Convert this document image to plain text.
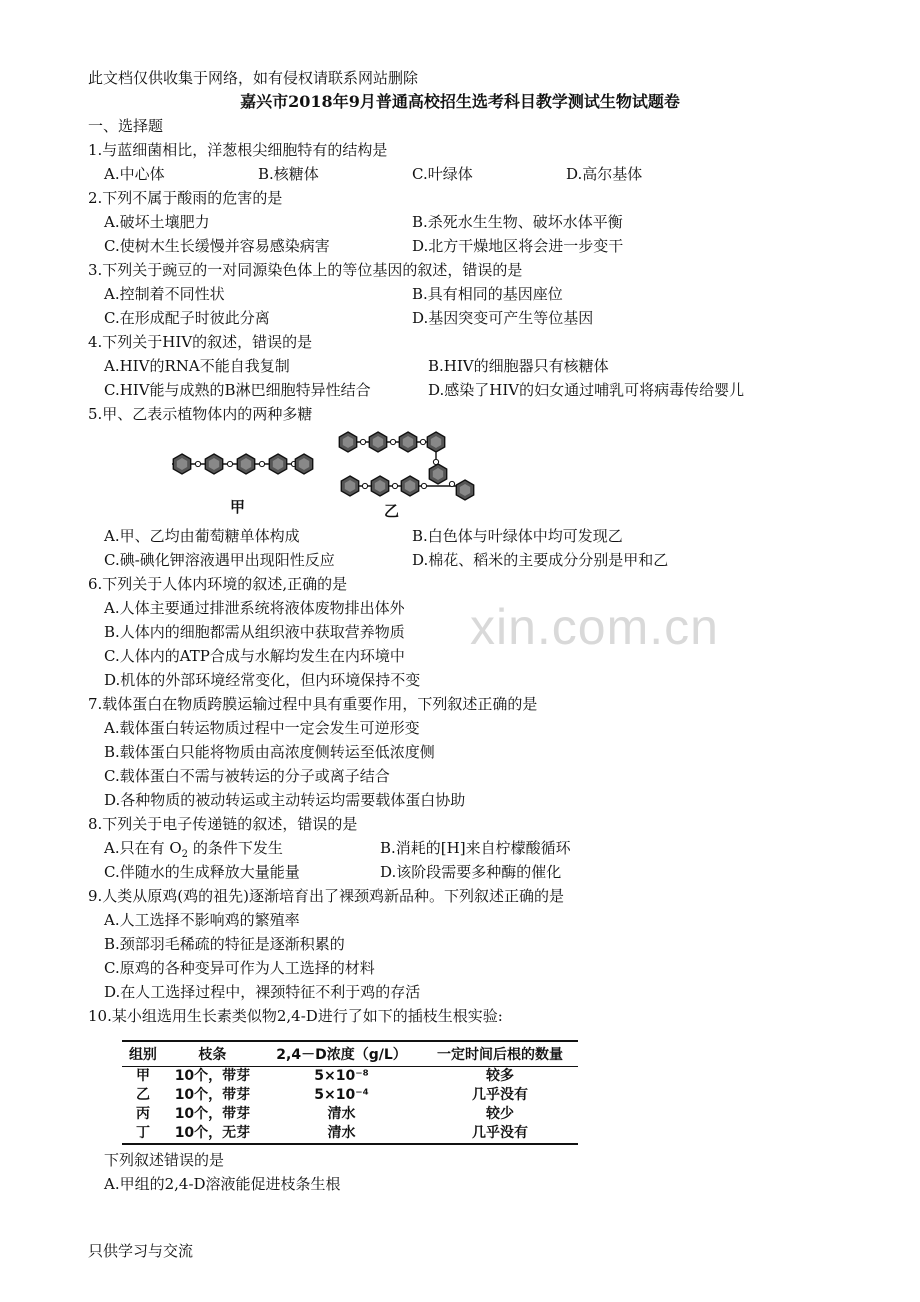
此文档仅供收集于网络，如有侵权请联系网站删除
嘉兴市2018年9月普通高校招生选考科目教学测试生物试题卷
一、选择题
1.与蓝细菌相比，洋葱根尖细胞特有的结构是
A.中心体	B.核糖体	C.叶绿体	D.高尔基体
2.下列不属于酸雨的危害的是
A.破坏土壤肥力	B.杀死水生生物、破坏水体平衡
C.使树木生长缓慢并容易感染病害	D.北方干燥地区将会进一步变干
3.下列关于豌豆的一对同源染色体上的等位基因的叙述，错误的是
A.控制着不同性状	B.具有相同的基因座位
C.在形成配子时彼此分离	D.基因突变可产生等位基因
4.下列关于HIV的叙述，错误的是
A.HIV的RNA不能自我复制	B.HIV的细胞器只有核糖体
C.HIV能与成熟的B淋巴细胞特异性结合	D.感染了HIV的妇女通过哺乳可将病毒传给婴儿
5.甲、乙表示植物体内的两种多糖
甲	乙
A.甲、乙均由葡萄糖单体构成	B.白色体与叶绿体中均可发现乙
C.碘-碘化钾溶液遇甲出现阳性反应	D.棉花、稻米的主要成分分别是甲和乙
xin.com.cn
6.下列关于人体内环境的叙述,正确的是
A.人体主要通过排泄系统将液体废物排出体外
B.人体内的细胞都需从组织液中获取营养物质
C.人体内的ATP合成与水解均发生在内环境中
D.机体的外部环境经常变化，但内环境保持不变
7.载体蛋白在物质跨膜运输过程中具有重要作用，下列叙述正确的是
A.载体蛋白转运物质过程中一定会发生可逆形变
B.载体蛋白只能将物质由高浓度侧转运至低浓度侧
C.载体蛋白不需与被转运的分子或离子结合
D.各种物质的被动转运或主动转运均需要载体蛋白协助
8.下列关于电子传递链的叙述，错误的是
A.只在有 $O_2$ 的条件下发生	B.消耗的[H]来自柠檬酸循环
C.伴随水的生成释放大量能量	D.该阶段需要多种酶的催化
9.人类从原鸡(鸡的祖先)逐渐培育出了裸颈鸡新品种。下列叙述正确的是
A.人工选择不影响鸡的繁殖率
B.颈部羽毛稀疏的特征是逐渐积累的
C.原鸡的各种变异可作为人工选择的材料
D.在人工选择过程中，裸颈特征不利于鸡的存活
10.某小组选用生长素类似物2,4-D进行了如下的插枝生根实验:
组别	枝条	2,4－D浓度（g/L）	一定时间后根的数量
甲	10个，带芽	5×10⁻⁸	较多
乙	10个，带芽	5×10⁻⁴	几乎没有
丙	10个，带芽	清水	较少
丁	10个，无芽	清水	几乎没有
下列叙述错误的是
A.甲组的2,4-D溶液能促进枝条生根
只供学习与交流
